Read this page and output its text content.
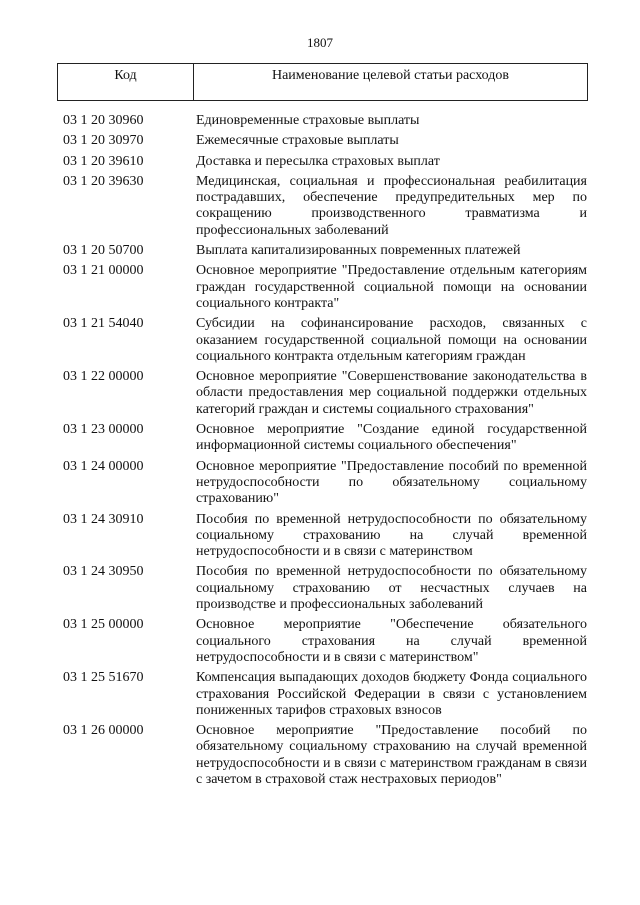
1807
Код	Наименование целевой статьи расходов
03 1 20 30960	Единовременные страховые выплаты
03 1 20 30970	Ежемесячные страховые выплаты
03 1 20 39610	Доставка и пересылка страховых выплат
03 1 20 39630	Медицинская, социальная и профессиональная реабилитация пострадавших, обеспечение предупредительных мер по сокращению производственного травматизма и профессиональных заболеваний
03 1 20 50700	Выплата капитализированных повременных платежей
03 1 21 00000	Основное мероприятие "Предоставление отдельным категориям граждан государственной социальной помощи на основании социального контракта"
03 1 21 54040	Субсидии на софинансирование расходов, связанных с оказанием государственной социальной помощи на основании социального контракта отдельным категориям граждан
03 1 22 00000	Основное мероприятие "Совершенствование законодательства в области предоставления мер социальной поддержки отдельных категорий граждан и системы социального страхования"
03 1 23 00000	Основное мероприятие "Создание единой государственной информационной системы социального обеспечения"
03 1 24 00000	Основное мероприятие "Предоставление пособий по временной нетрудоспособности по обязательному социальному страхованию"
03 1 24 30910	Пособия по временной нетрудоспособности по обязательному социальному страхованию на случай временной нетрудоспособности и в связи с материнством
03 1 24 30950	Пособия по временной нетрудоспособности по обязательному социальному страхованию от несчастных случаев на производстве и профессиональных заболеваний
03 1 25 00000	Основное мероприятие "Обеспечение обязательного социального страхования на случай временной нетрудоспособности и в связи с материнством"
03 1 25 51670	Компенсация выпадающих доходов бюджету Фонда социального страхования Российской Федерации в связи с установлением пониженных тарифов страховых взносов
03 1 26 00000	Основное мероприятие "Предоставление пособий по обязательному социальному страхованию на случай временной нетрудоспособности и в связи с материнством гражданам в связи с зачетом в страховой стаж нестраховых периодов"
